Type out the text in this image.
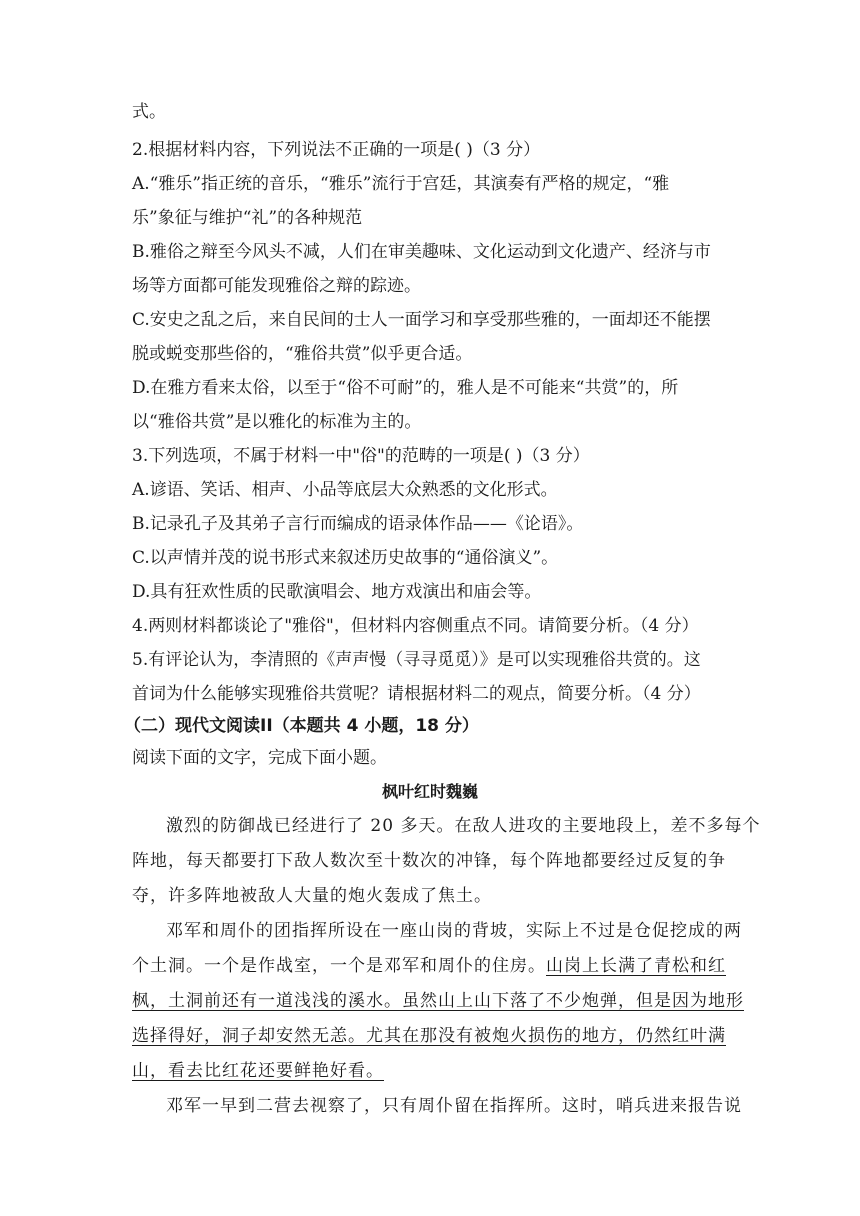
式。
2.根据材料内容，下列说法不正确的一项是( )（3 分）
A.“雅乐”指正统的音乐，“雅乐”流行于宫廷，其演奏有严格的规定，“雅
乐”象征与维护“礼”的各种规范
B.雅俗之辩至今风头不减，人们在审美趣味、文化运动到文化遗产、经济与市
场等方面都可能发现雅俗之辩的踪迹。
C.安史之乱之后，来自民间的士人一面学习和享受那些雅的，一面却还不能摆
脱或蜕变那些俗的，“雅俗共赏”似乎更合适。
D.在雅方看来太俗，以至于“俗不可耐”的，雅人是不可能来“共赏”的，所
以“雅俗共赏”是以雅化的标准为主的。
3.下列选项，不属于材料一中"俗"的范畴的一项是( )（3 分）
A.谚语、笑话、相声、小品等底层大众熟悉的文化形式。
B.记录孔子及其弟子言行而编成的语录体作品——《论语》。
C.以声情并茂的说书形式来叙述历史故事的“通俗演义”。
D.具有狂欢性质的民歌演唱会、地方戏演出和庙会等。
4.两则材料都谈论了"雅俗"，但材料内容侧重点不同。请简要分析。（4 分）
5.有评论认为，李清照的《声声慢（寻寻觅觅）》是可以实现雅俗共赏的。这
首词为什么能够实现雅俗共赏呢？请根据材料二的观点，简要分析。（4 分）
（二）现代文阅读II（本题共 4 小题，18 分）
阅读下面的文字，完成下面小题。
枫叶红时魏巍
激烈的防御战已经进行了 20 多天。在敌人进攻的主要地段上，差不多每个
阵地，每天都要打下敌人数次至十数次的冲锋，每个阵地都要经过反复的争
夺，许多阵地被敌人大量的炮火轰成了焦土。
邓军和周仆的团指挥所设在一座山岗的背坡，实际上不过是仓促挖成的两
个土洞。一个是作战室，一个是邓军和周仆的住房。山岗上长满了青松和红
枫，土洞前还有一道浅浅的溪水。虽然山上山下落了不少炮弹，但是因为地形
选择得好，洞子却安然无恙。尤其在那没有被炮火损伤的地方，仍然红叶满
山，看去比红花还要鲜艳好看。
邓军一早到二营去视察了，只有周仆留在指挥所。这时，哨兵进来报告说
